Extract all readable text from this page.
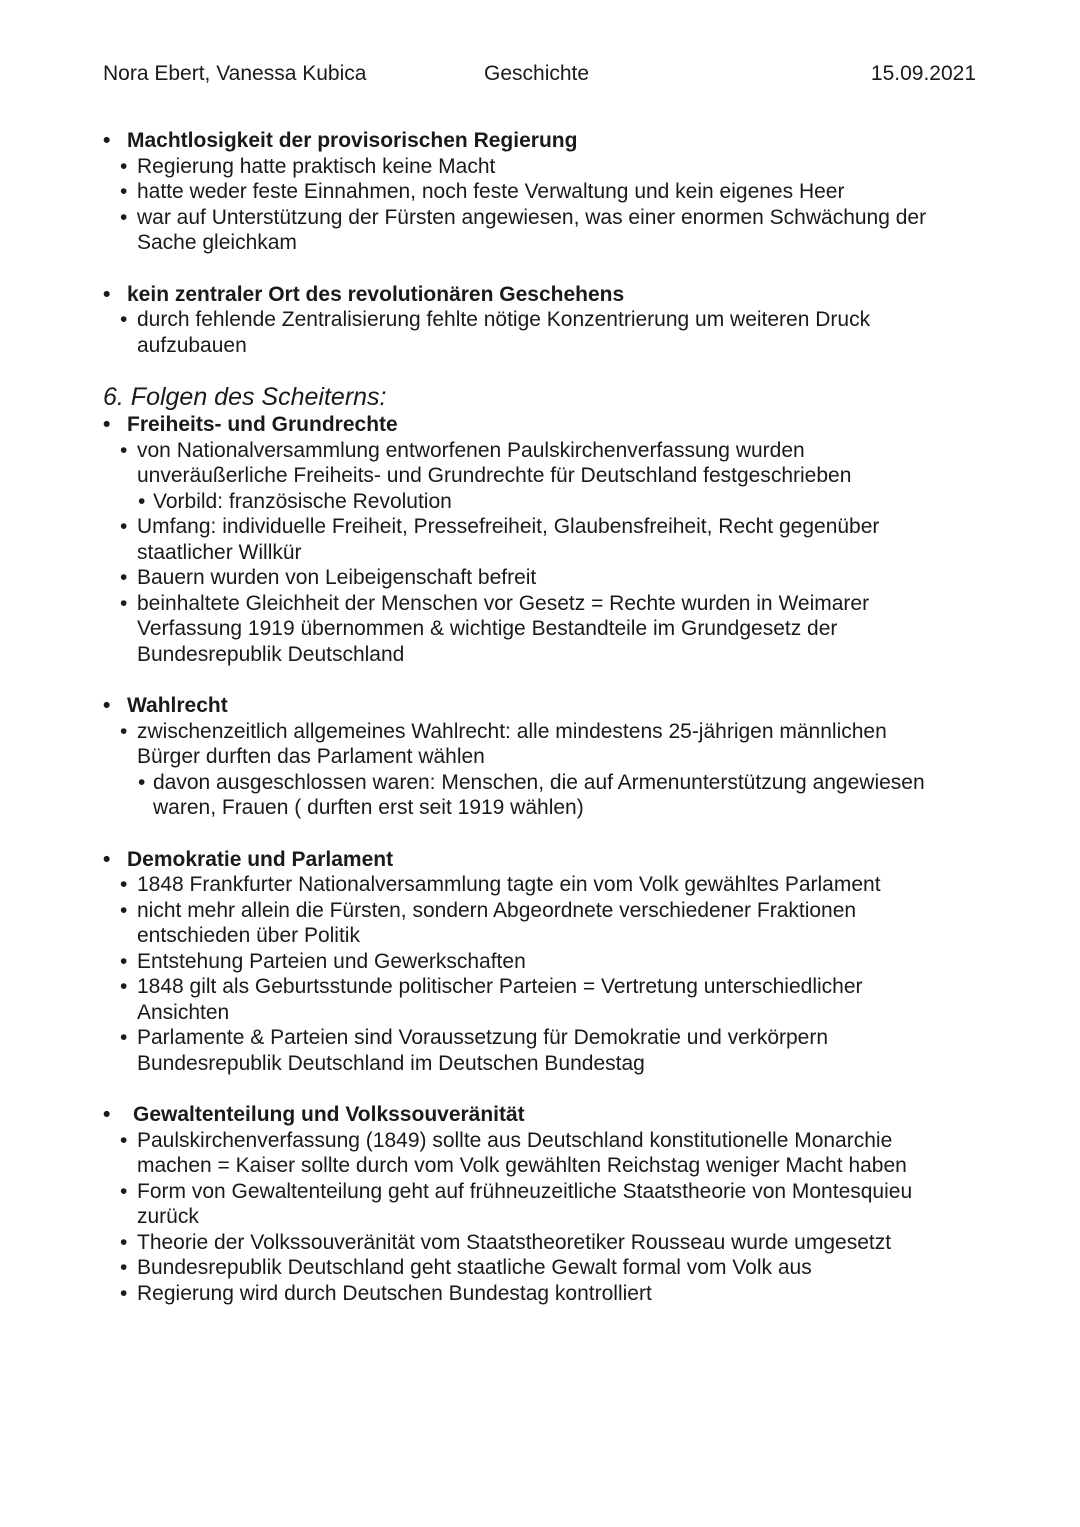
Nora Ebert, Vanessa Kubica	Geschichte	15.09.2021
• Machtlosigkeit der provisorischen Regierung
• Regierung hatte praktisch keine Macht
• hatte weder feste Einnahmen, noch feste Verwaltung und kein eigenes Heer
• war auf Unterstützung der Fürsten angewiesen, was einer enormen Schwächung der
Sache gleichkam
• kein zentraler Ort des revolutionären Geschehens
• durch fehlende Zentralisierung fehlte nötige Konzentrierung um weiteren Druck
aufzubauen
6. Folgen des Scheiterns:
• Freiheits- und Grundrechte
• von Nationalversammlung entworfenen Paulskirchenverfassung wurden
unveräußerliche Freiheits- und Grundrechte für Deutschland festgeschrieben
• Vorbild: französische Revolution
• Umfang: individuelle Freiheit, Pressefreiheit, Glaubensfreiheit, Recht gegenüber
staatlicher Willkür
• Bauern wurden von Leibeigenschaft befreit
• beinhaltete Gleichheit der Menschen vor Gesetz = Rechte wurden in Weimarer
Verfassung 1919 übernommen & wichtige Bestandteile im Grundgesetz der
Bundesrepublik Deutschland
• Wahlrecht
• zwischenzeitlich allgemeines Wahlrecht: alle mindestens 25-jährigen männlichen
Bürger durften das Parlament wählen
• davon ausgeschlossen waren: Menschen, die auf Armenunterstützung angewiesen
waren, Frauen ( durften erst seit 1919 wählen)
• Demokratie und Parlament
• 1848 Frankfurter Nationalversammlung tagte ein vom Volk gewähltes Parlament
• nicht mehr allein die Fürsten, sondern Abgeordnete verschiedener Fraktionen
entschieden über Politik
• Entstehung Parteien und Gewerkschaften
• 1848 gilt als Geburtsstunde politischer Parteien = Vertretung unterschiedlicher
Ansichten
• Parlamente & Parteien sind Voraussetzung für Demokratie und verkörpern
Bundesrepublik Deutschland im Deutschen Bundestag
• Gewaltenteilung und Volkssouveränität
• Paulskirchenverfassung (1849) sollte aus Deutschland konstitutionelle Monarchie
machen = Kaiser sollte durch vom Volk gewählten Reichstag weniger Macht haben
• Form von Gewaltenteilung geht auf frühneuzeitliche Staatstheorie von Montesquieu
zurück
• Theorie der Volkssouveränität vom Staatstheoretiker Rousseau wurde umgesetzt
• Bundesrepublik Deutschland geht staatliche Gewalt formal vom Volk aus
• Regierung wird durch Deutschen Bundestag kontrolliert
